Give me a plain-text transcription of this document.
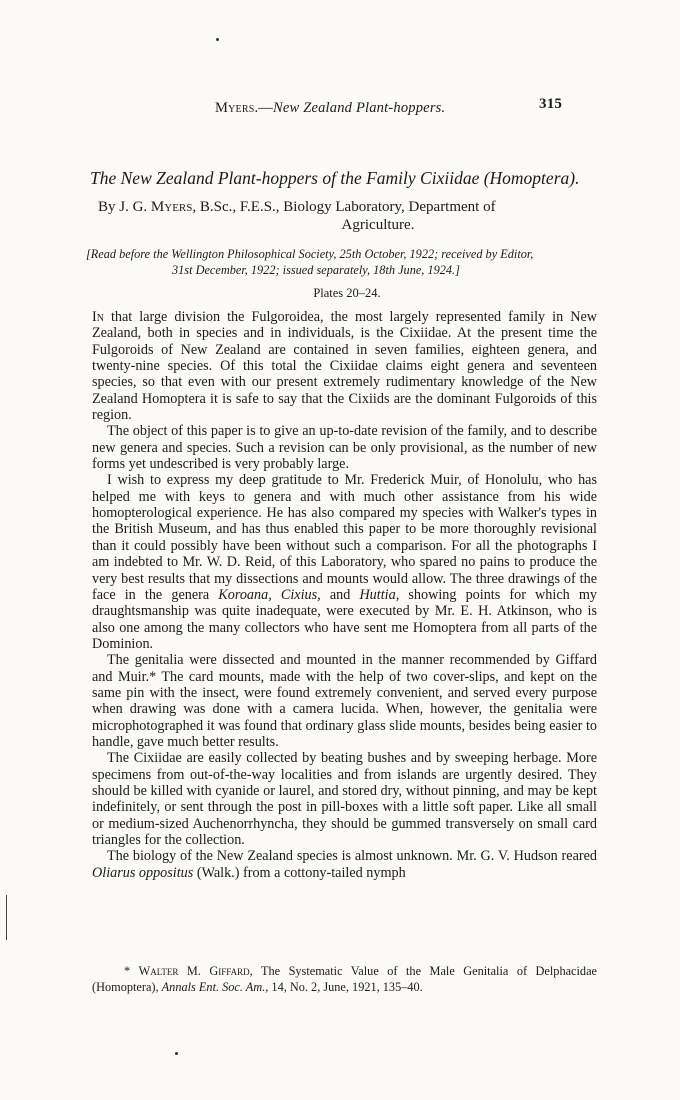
Myers.—New Zealand Plant-hoppers.	315
The New Zealand Plant-hoppers of the Family Cixiidae (Homoptera).
By J. G. Myers, B.Sc., F.E.S., Biology Laboratory, Department of
Agriculture.
[Read before the Wellington Philosophical Society, 25th October, 1922; received by Editor,
31st December, 1922; issued separately, 18th June, 1924.]
Plates 20–24.

In that large division the Fulgoroidea, the most largely represented family in New Zealand, both in species and in individuals, is the Cixiidae. At the present time the Fulgoroids of New Zealand are contained in seven families, eighteen genera, and twenty-nine species. Of this total the Cixiidae claims eight genera and seventeen species, so that even with our present extremely rudimentary knowledge of the New Zealand Homoptera it is safe to say that the Cixiids are the dominant Fulgoroids of this region.

The object of this paper is to give an up-to-date revision of the family, and to describe new genera and species. Such a revision can be only provisional, as the number of new forms yet undescribed is very probably large.

I wish to express my deep gratitude to Mr. Frederick Muir, of Honolulu, who has helped me with keys to genera and with much other assistance from his wide homopterological experience. He has also compared my species with Walker's types in the British Museum, and has thus enabled this paper to be more thoroughly revisional than it could possibly have been without such a comparison. For all the photographs I am indebted to Mr. W. D. Reid, of this Laboratory, who spared no pains to produce the very best results that my dissections and mounts would allow. The three drawings of the face in the genera Koroana, Cixius, and Huttia, showing points for which my draughtsmanship was quite inadequate, were executed by Mr. E. H. Atkinson, who is also one among the many collectors who have sent me Homoptera from all parts of the Dominion.

The genitalia were dissected and mounted in the manner recommended by Giffard and Muir.* The card mounts, made with the help of two cover-slips, and kept on the same pin with the insect, were found extremely convenient, and served every purpose when drawing was done with a camera lucida. When, however, the genitalia were microphotographed it was found that ordinary glass slide mounts, besides being easier to handle, gave much better results.

The Cixiidae are easily collected by beating bushes and by sweeping herbage. More specimens from out-of-the-way localities and from islands are urgently desired. They should be killed with cyanide or laurel, and stored dry, without pinning, and may be kept indefinitely, or sent through the post in pill-boxes with a little soft paper. Like all small or medium-sized Auchenorrhyncha, they should be gummed transversely on small card triangles for the collection.

The biology of the New Zealand species is almost unknown. Mr. G. V. Hudson reared Oliarus oppositus (Walk.) from a cottony-tailed nymph

* Walter M. Giffard, The Systematic Value of the Male Genitalia of Delphacidae (Homoptera), Annals Ent. Soc. Am., 14, No. 2, June, 1921, 135–40.
